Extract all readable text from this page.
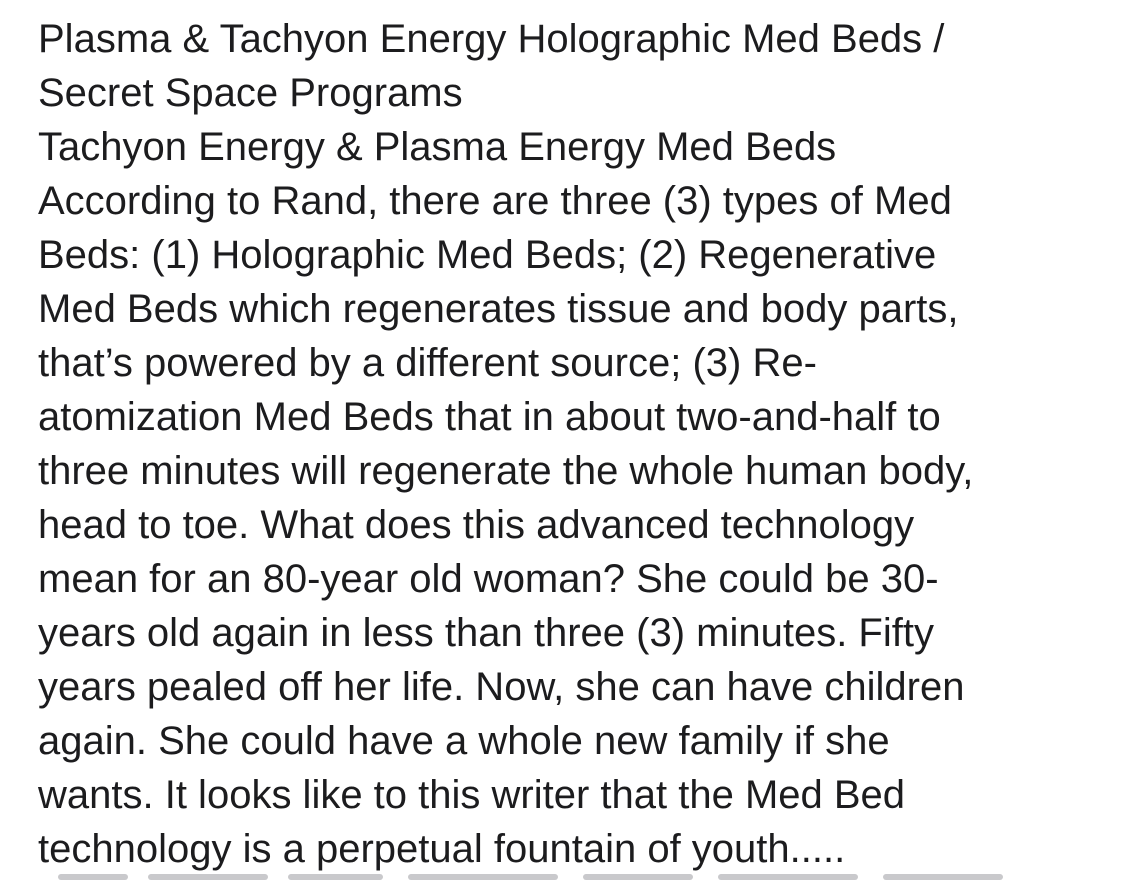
Plasma & Tachyon Energy Holographic Med Beds /
Secret Space Programs
Tachyon Energy & Plasma Energy Med Beds
According to Rand, there are three (3) types of Med
Beds: (1) Holographic Med Beds; (2) Regenerative
Med Beds which regenerates tissue and body parts,
that’s powered by a different source; (3) Re-
atomization Med Beds that in about two-and-half to
three minutes will regenerate the whole human body,
head to toe. What does this advanced technology
mean for an 80-year old woman? She could be 30-
years old again in less than three (3) minutes. Fifty
years pealed off her life. Now, she can have children
again. She could have a whole new family if she
wants. It looks like to this writer that the Med Bed
technology is a perpetual fountain of youth.....
